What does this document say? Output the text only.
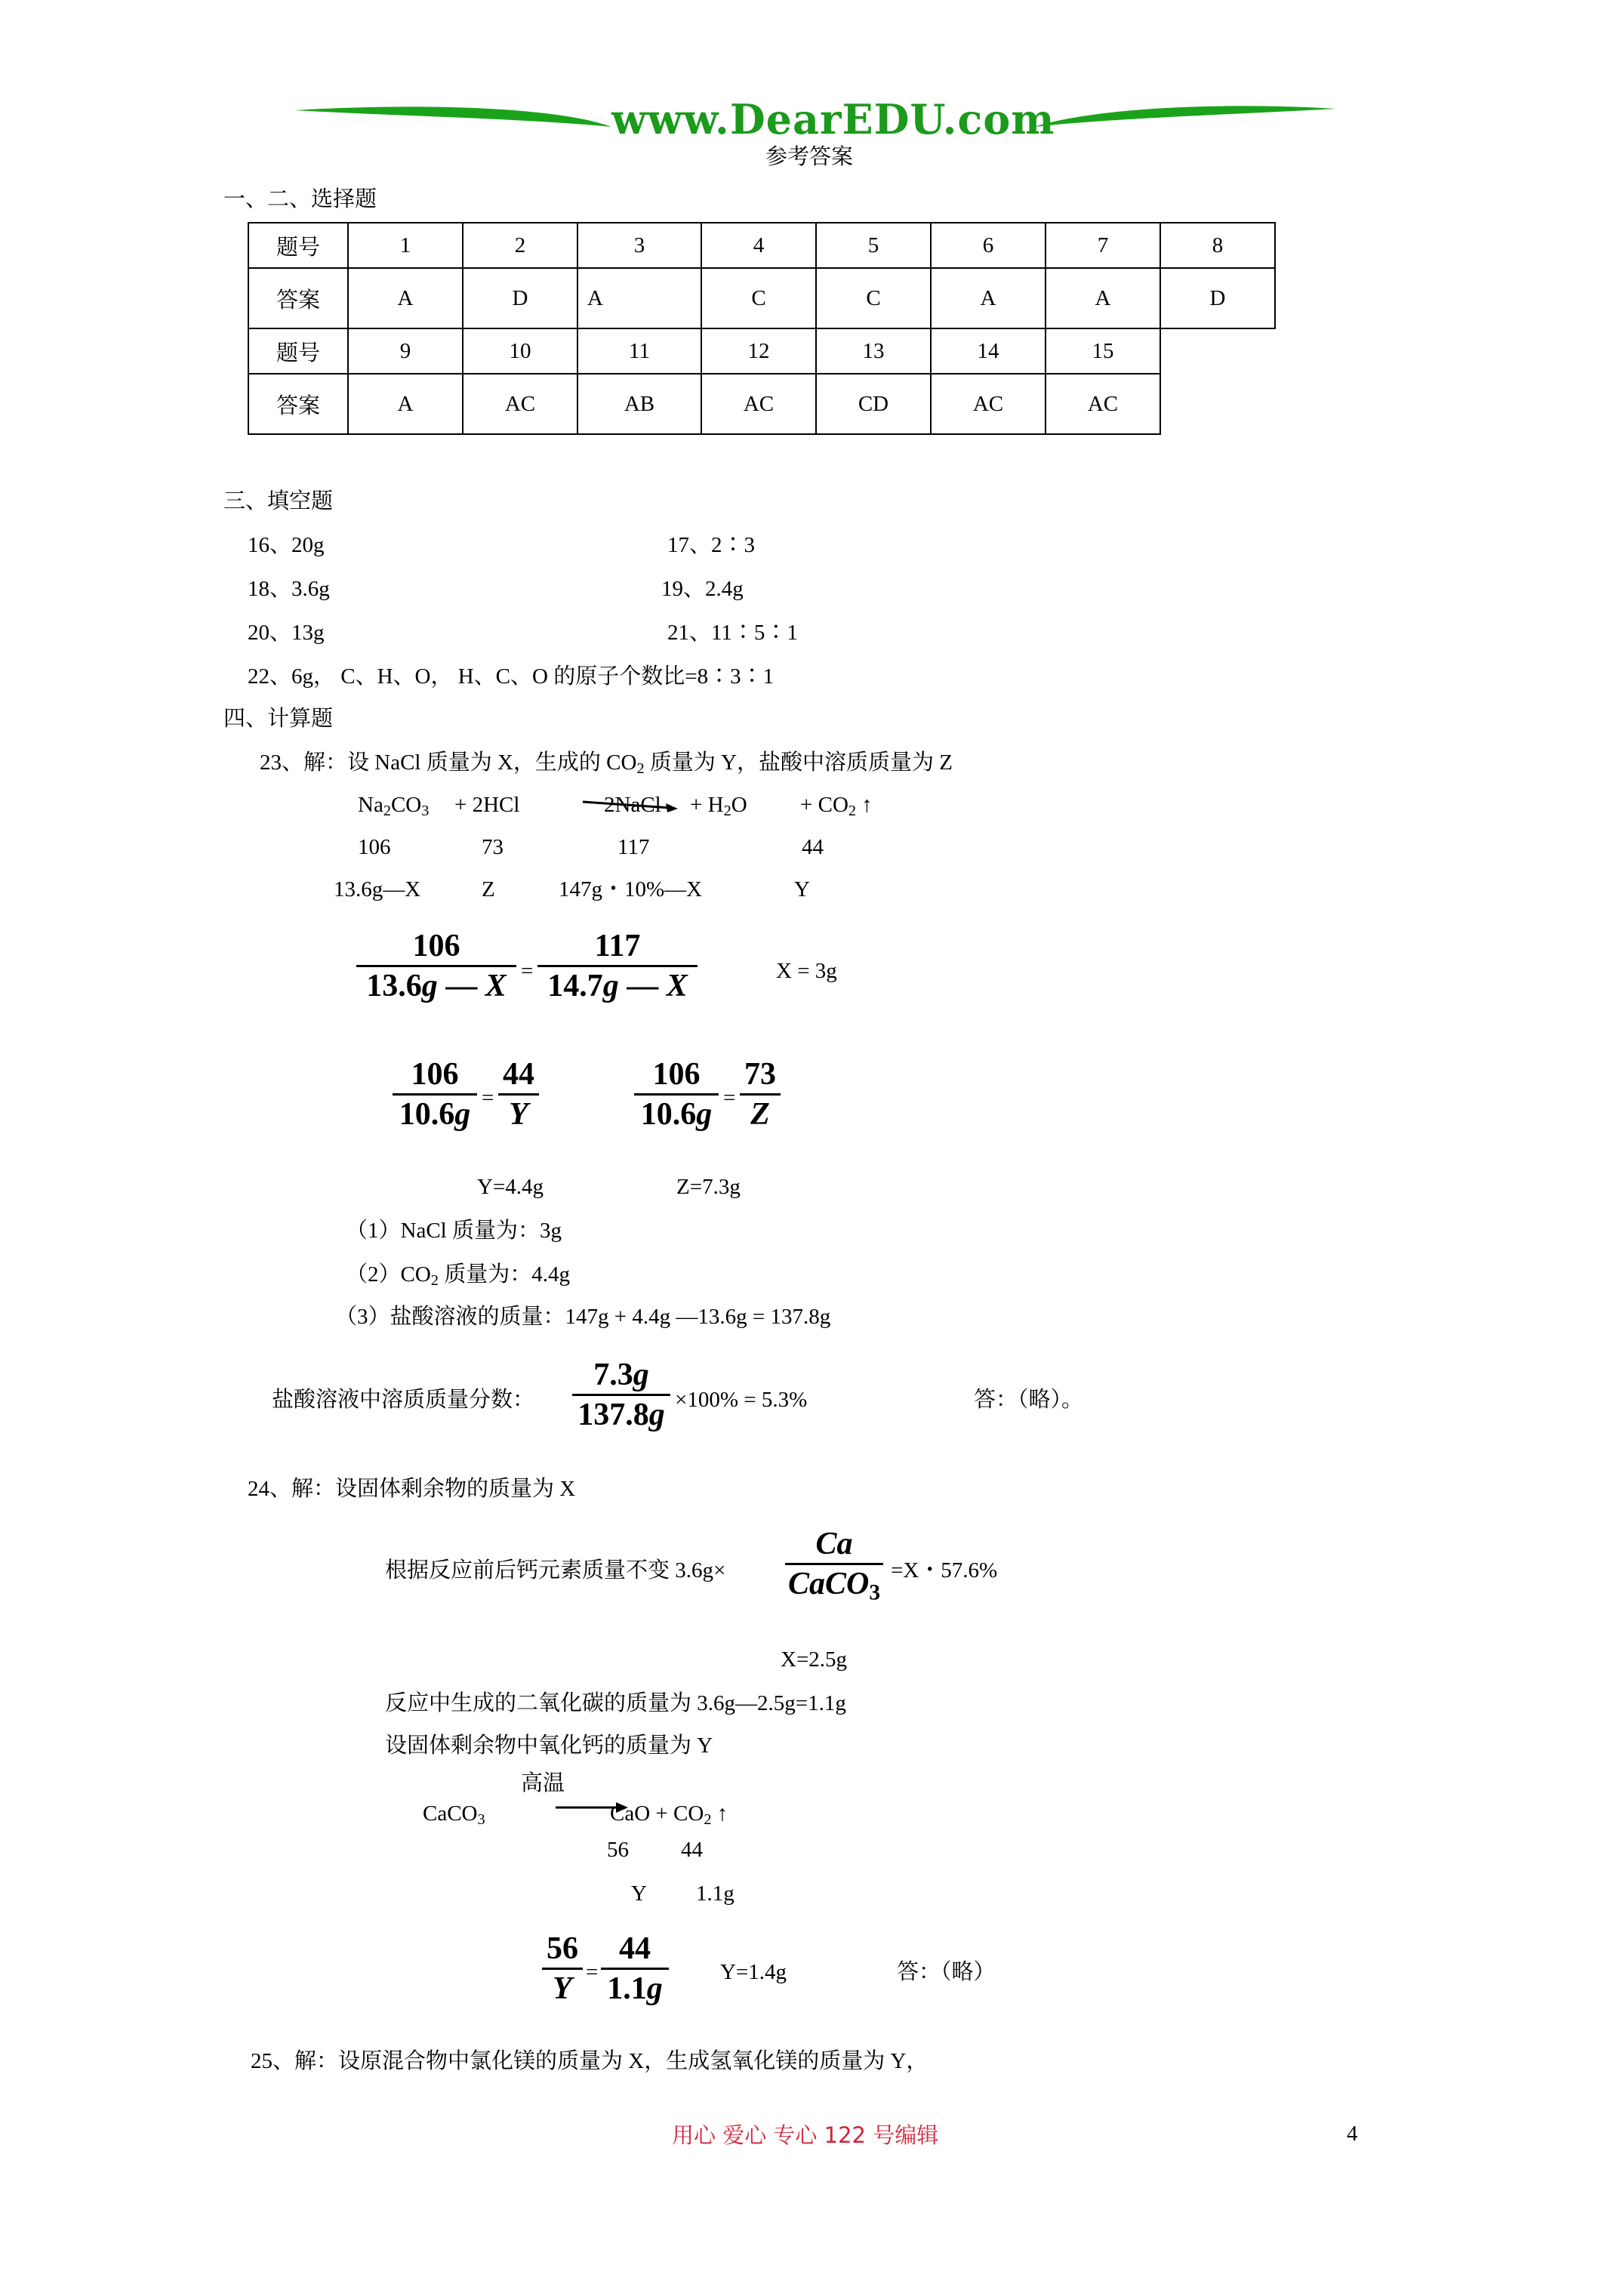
www.DearEDU.com
参考答案
一、二、选择题
题号	1	2	3	4	5	6	7	8
答案	A	D	A	C	C	A	A	D
题号	9	10	11	12	13	14	15	
答案	A	AC	AB	AC	CD	AC	AC	
三、填空题
16、20g	17、2∶3
18、3.6g	19、2.4g
20、13g	21、11∶5∶1
22、6g， C、H、O， H、C、O 的原子个数比=8∶3∶1
四、计算题
23、解：设 NaCl 质量为 X，生成的 $CO_2$ 质量为 Y，盐酸中溶质质量为 Z
$Na_2CO_3 + 2HCl$	2NaCl + $H_2O + CO_2$ ↑
106	73	117	44
13.6g—X	Z	147g・10%—X	Y
106
13.6g — X =
117
14.7g — X	X = 3g
106
10.6g =
44
Y
106
10.6g =
73
Z
Y=4.4g	Z=7.3g
（1）NaCl 质量为：3g
$(2)CO_2$ 质量为：4.4g
（3）盐酸溶液的质量：147g + 4.4g —13.6g = 137.8g
盐酸溶液中溶质质量分数：
7.3g
137.8g ×100% = 5.3%	答：（略）。
24、解：设固体剩余物的质量为 X
根据反应前后钙元素质量不变 3.6g×
Ca
CaCO$_3$
=X・57.6%
X=2.5g
反应中生成的二氧化碳的质量为 3.6g—2.5g=1.1g
设固体剩余物中氧化钙的质量为 Y
高温
CaCO$_3$	CaO + $CO_2$ ↑
56 44
Y 1.1g
56
Y =
44
1.1g	Y=1.4g	答：（略）
25、解：设原混合物中氯化镁的质量为 X，生成氢氧化镁的质量为 Y，
用心 爱心 专心 122 号编辑	4
